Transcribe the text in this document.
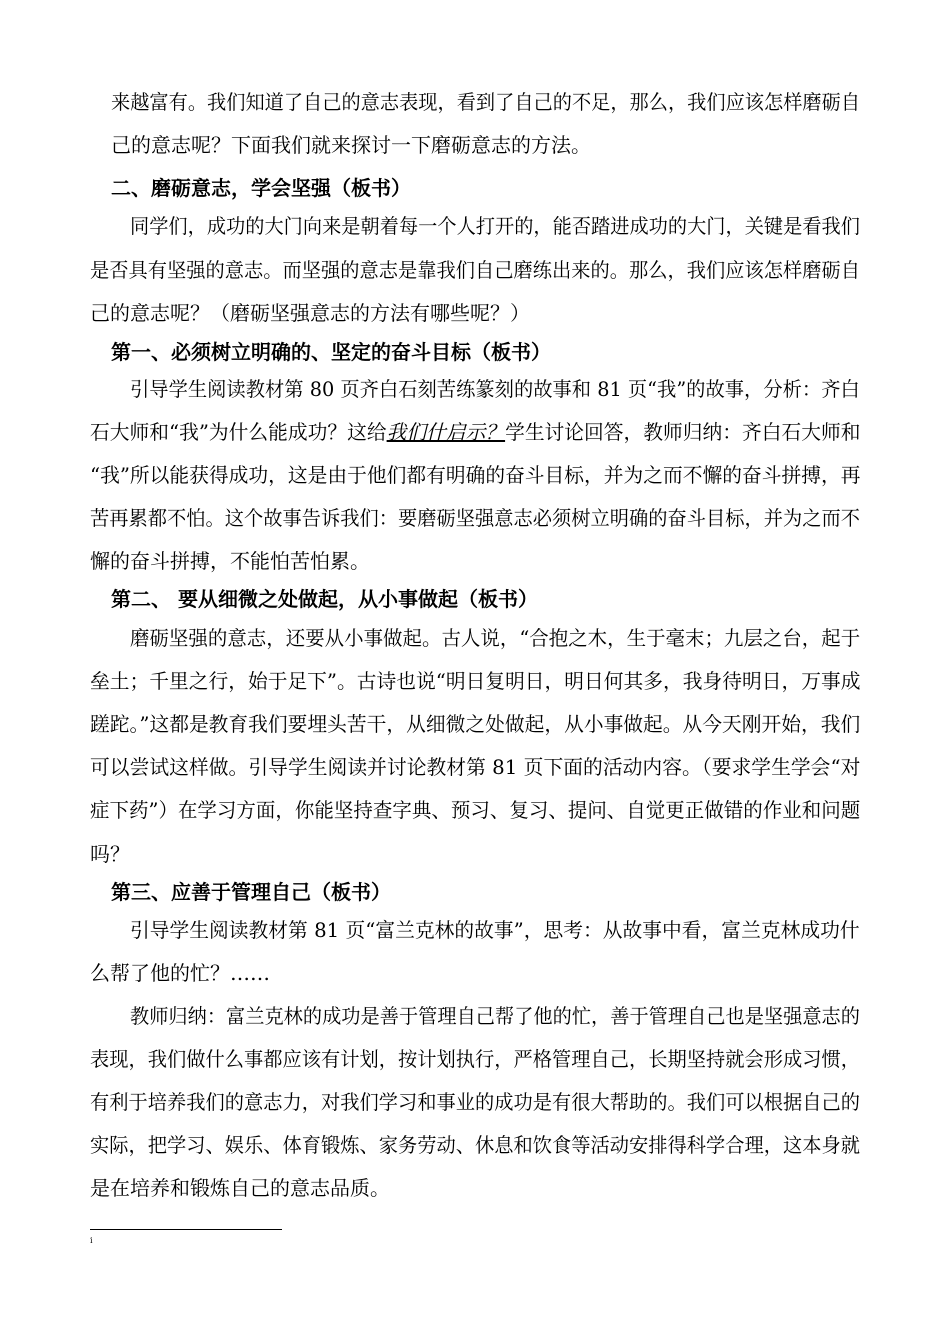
来越富有。我们知道了自己的意志表现，看到了自己的不足，那么，我们应该怎样磨砺自
己的意志呢？下面我们就来探讨一下磨砺意志的方法。
二、磨砺意志，学会坚强（板书）
同学们，成功的大门向来是朝着每一个人打开的，能否踏进成功的大门，关键是看我们
是否具有坚强的意志。而坚强的意志是靠我们自己磨练出来的。那么，我们应该怎样磨砺自
己的意志呢？（磨砺坚强意志的方法有哪些呢？）
第一、必须树立明确的、坚定的奋斗目标（板书）
引导学生阅读教材第 80 页齐白石刻苦练篆刻的故事和 81 页“我”的故事，分析：齐白
石大师和“我”为什么能成功？这给我们什启示？学生讨论回答，教师归纳：齐白石大师和
“我”所以能获得成功，这是由于他们都有明确的奋斗目标，并为之而不懈的奋斗拼搏，再
苦再累都不怕。这个故事告诉我们：要磨砺坚强意志必须树立明确的奋斗目标，并为之而不
懈的奋斗拼搏，不能怕苦怕累。
第二、 要从细微之处做起，从小事做起（板书）
磨砺坚强的意志，还要从小事做起。古人说，“合抱之木，生于毫末；九层之台，起于
垒土；千里之行，始于足下”。古诗也说“明日复明日，明日何其多，我身待明日，万事成
蹉跎。”这都是教育我们要埋头苦干，从细微之处做起，从小事做起。从今天刚开始，我们
可以尝试这样做。引导学生阅读并讨论教材第 81 页下面的活动内容。（要求学生学会“对
症下药”）在学习方面，你能坚持查字典、预习、复习、提问、自觉更正做错的作业和问题
吗？
第三、应善于管理自己（板书）
引导学生阅读教材第 81 页“富兰克林的故事”，思考：从故事中看，富兰克林成功什
么帮了他的忙？……
教师归纳：富兰克林的成功是善于管理自己帮了他的忙，善于管理自己也是坚强意志的
表现，我们做什么事都应该有计划，按计划执行，严格管理自己，长期坚持就会形成习惯，
有利于培养我们的意志力，对我们学习和事业的成功是有很大帮助的。我们可以根据自己的
实际，把学习、娱乐、体育锻炼、家务劳动、休息和饮食等活动安排得科学合理，这本身就
是在培养和锻炼自己的意志品质。
i
